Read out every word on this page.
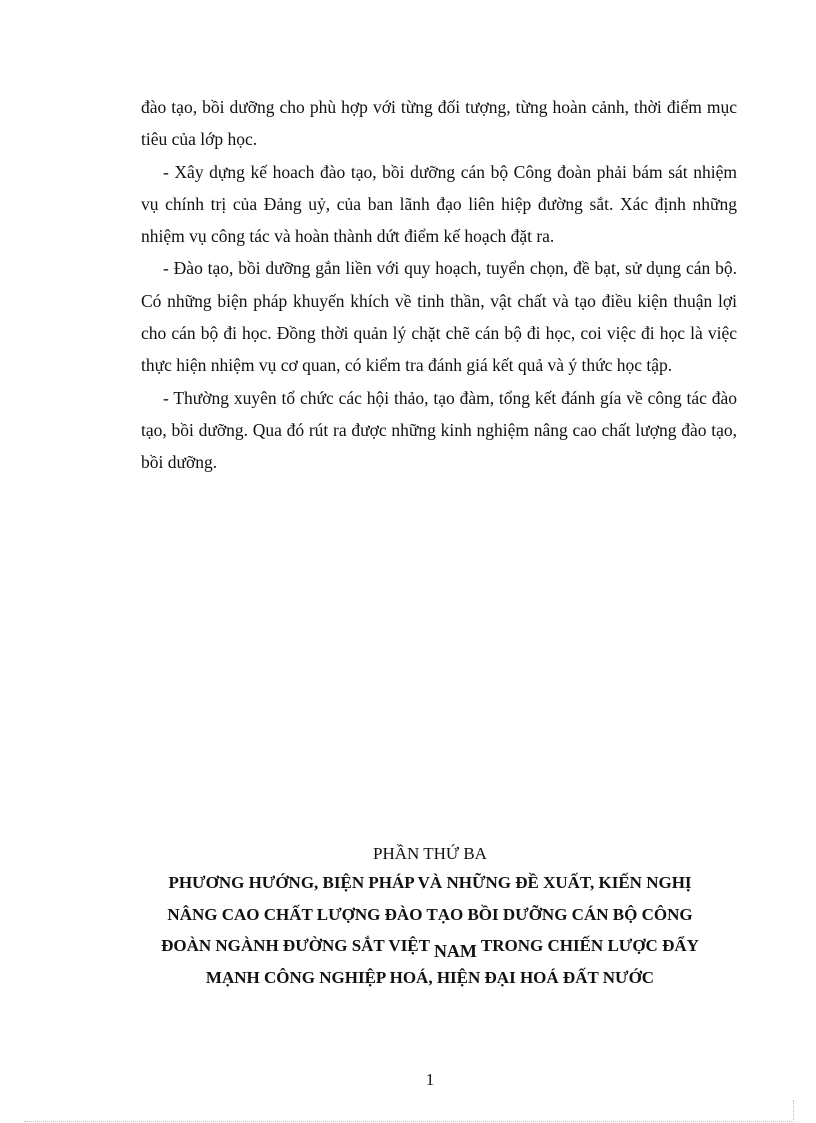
đào tạo, bồi dưỡng cho phù hợp với từng đối tượng, từng hoàn cảnh, thời điểm mục tiêu của lớp học.

- Xây dựng kế hoach đào tạo, bồi dưỡng cán bộ Công đoàn phải bám sát nhiệm vụ chính trị của Đảng uỷ, của ban lãnh đạo liên hiệp đường sắt. Xác định những nhiệm vụ công tác và hoàn thành dứt điểm kế hoạch đặt ra.

- Đào tạo, bồi dưỡng gắn liền với quy hoạch, tuyển chọn, đề bạt, sử dụng cán bộ. Có những biện pháp khuyến khích về tinh thần, vật chất và tạo điều kiện thuận lợi cho cán bộ đi học. Đồng thời quản lý chặt chẽ cán bộ đi học, coi việc đi học là việc thực hiện nhiệm vụ cơ quan, có kiểm tra đánh giá kết quả và ý thức học tập.

- Thường xuyên tổ chức các hội thảo, tạo đàm, tổng kết đánh gía về công tác đào tạo, bồi dưỡng. Qua đó rút ra được những kinh nghiệm nâng cao chất lượng đào tạo, bồi dưỡng.

PHẦN THỨ BA
PHƯƠNG HƯỚNG, BIỆN PHÁP VÀ NHỮNG ĐỀ XUẤT, KIẾN NGHỊ
NÂNG CAO CHẤT LƯỢNG ĐÀO TẠO BỒI DƯỠNG CÁN BỘ CÔNG
ĐOÀN NGÀNH ĐƯỜNG SẮT VIỆT NAM TRONG CHIẾN LƯỢC ĐẨY
MẠNH CÔNG NGHIỆP HOÁ, HIỆN ĐẠI HOÁ ĐẤT NƯỚC
1
